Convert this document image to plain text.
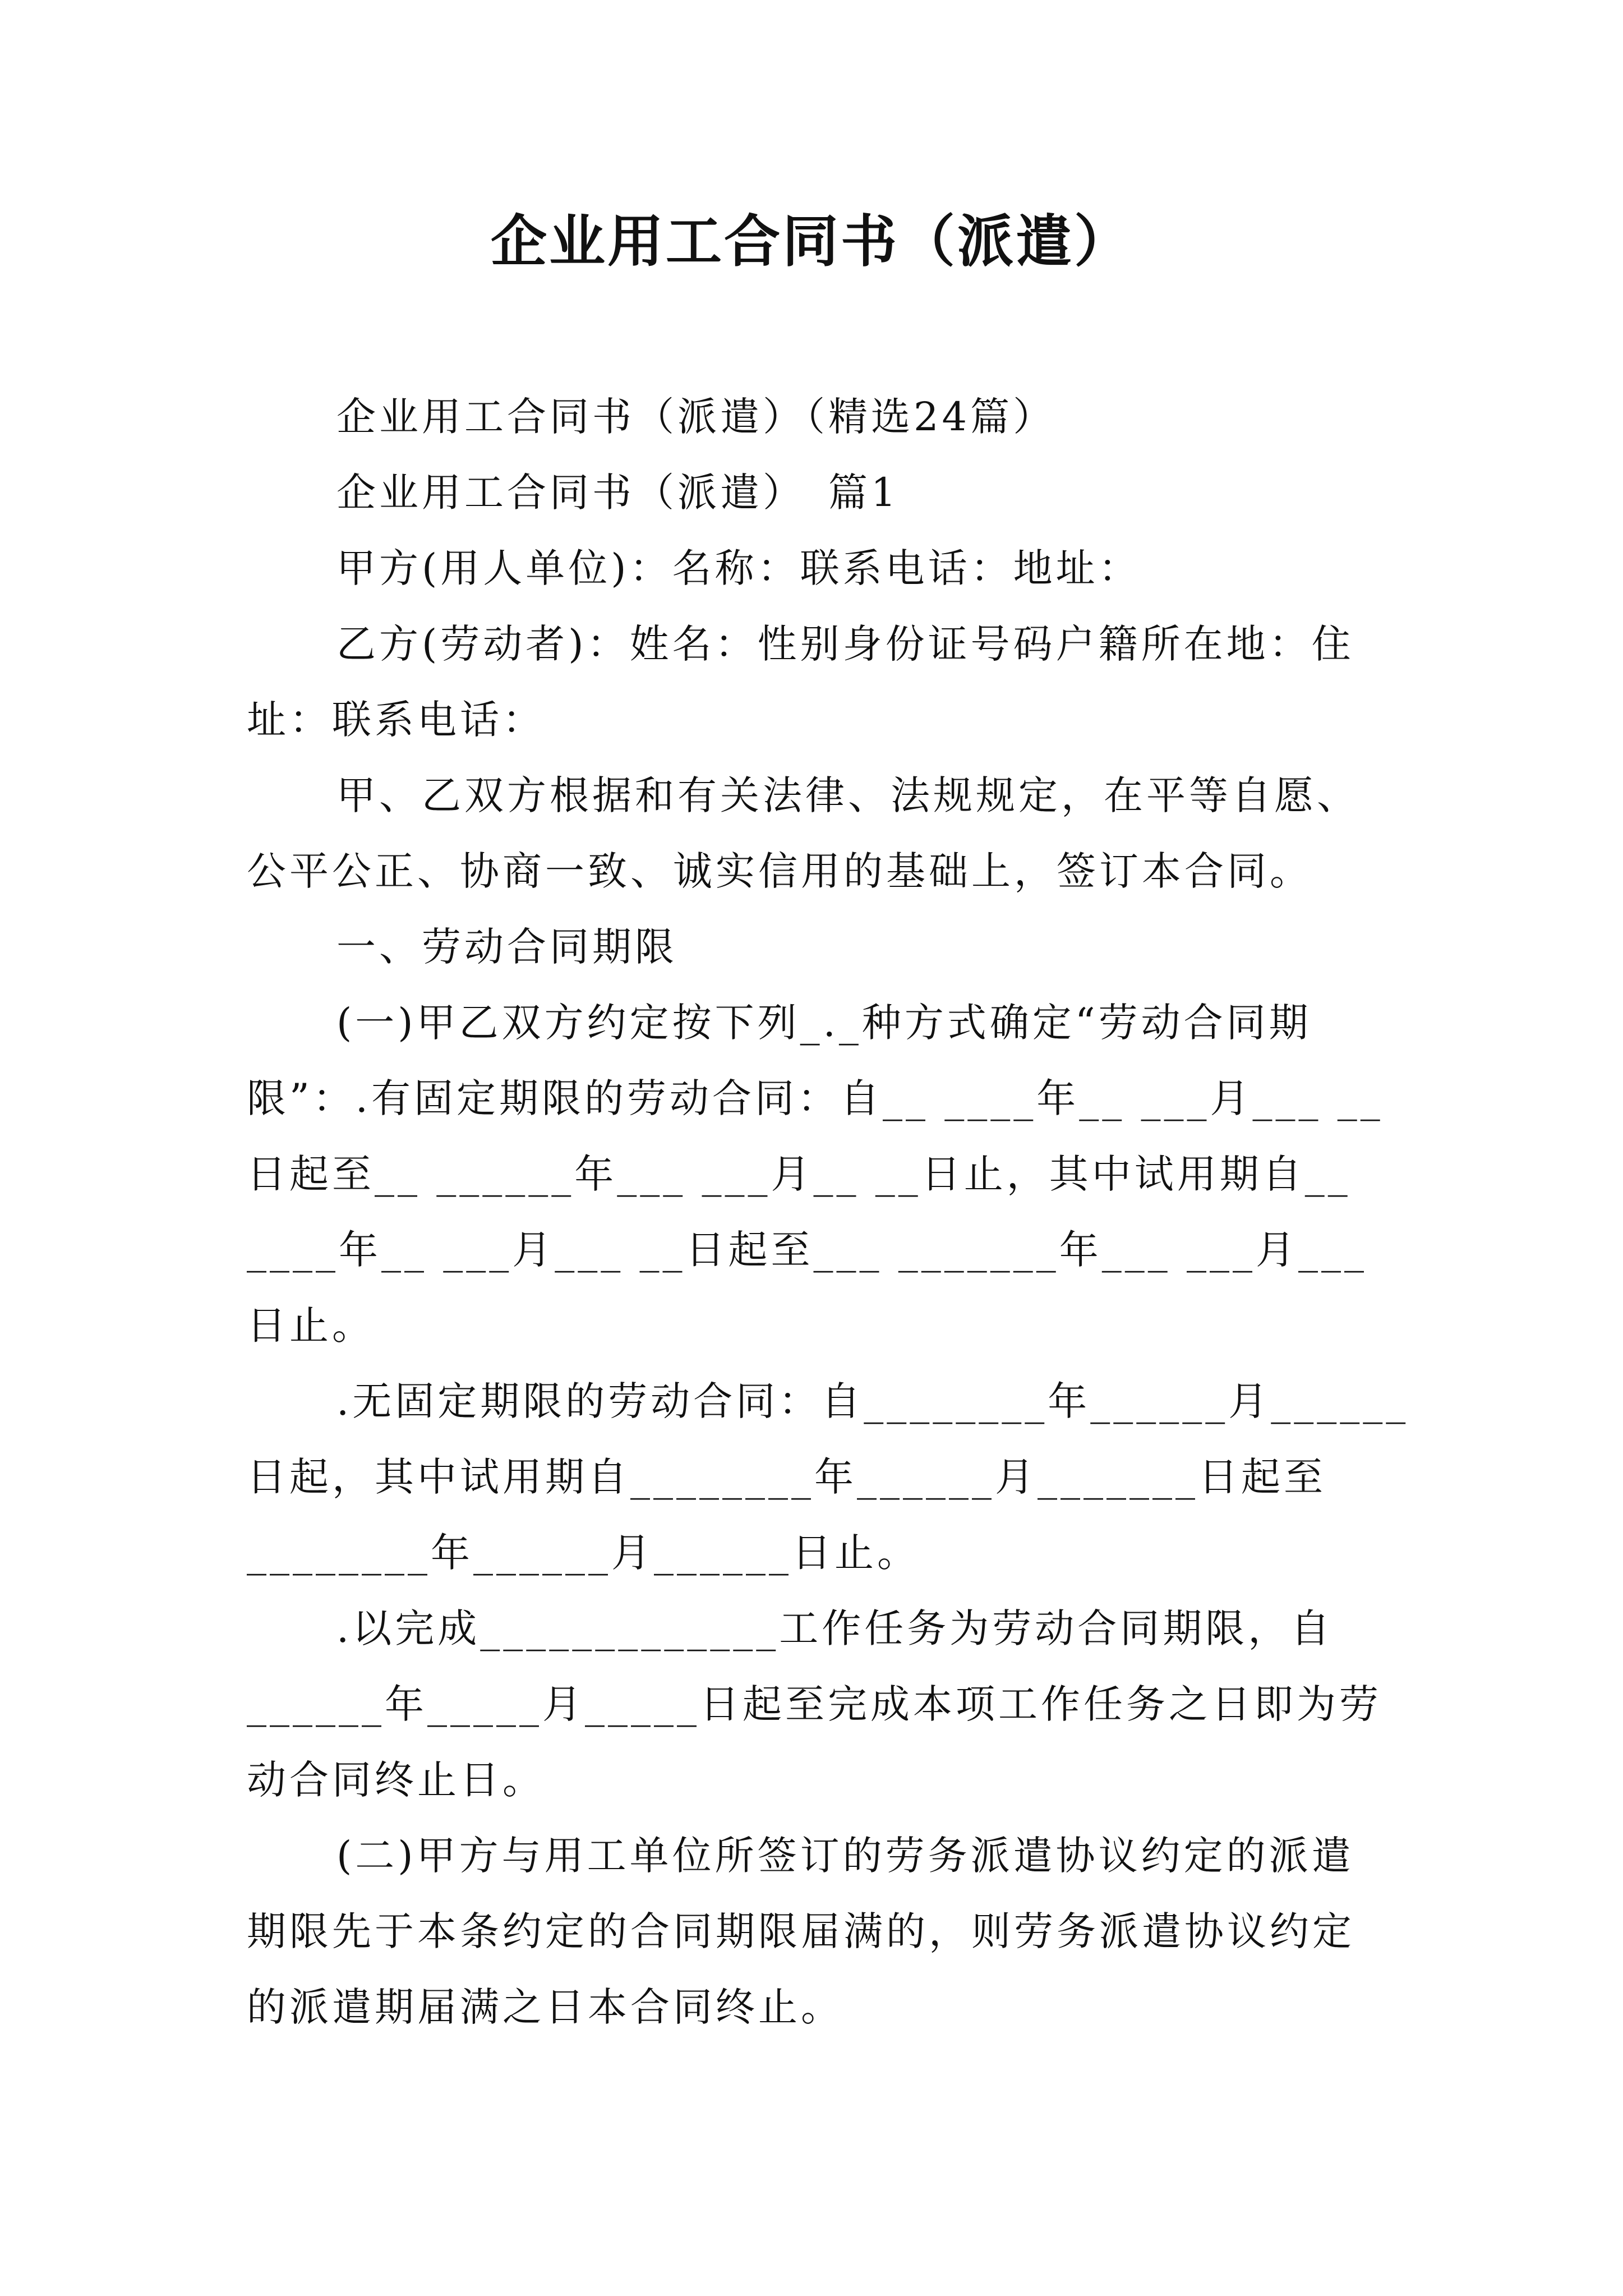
企业用工合同书（派遣）
企业用工合同书（派遣）（精选24篇）
企业用工合同书（派遣）　篇1
甲方(用人单位)：名称：联系电话：地址：
乙方(劳动者)：姓名：性别身份证号码户籍所在地：住
址：联系电话：
甲、乙双方根据和有关法律、法规规定，在平等自愿、
公平公正、协商一致、诚实信用的基础上，签订本合同。
一、劳动合同期限
(一)甲乙双方约定按下列_._种方式确定“劳动合同期
限”：.有固定期限的劳动合同：自__ ____年__ ___月___ __
日起至__ ______年___ ___月__ __日止，其中试用期自__
____年__ ___月___ __日起至___ _______年___ ___月___
日止。
.无固定期限的劳动合同：自________年______月______
日起，其中试用期自________年______月_______日起至
________年______月______日止。
.以完成_____________工作任务为劳动合同期限，自
______年_____月_____日起至完成本项工作任务之日即为劳
动合同终止日。
(二)甲方与用工单位所签订的劳务派遣协议约定的派遣
期限先于本条约定的合同期限届满的，则劳务派遣协议约定
的派遣期届满之日本合同终止。
